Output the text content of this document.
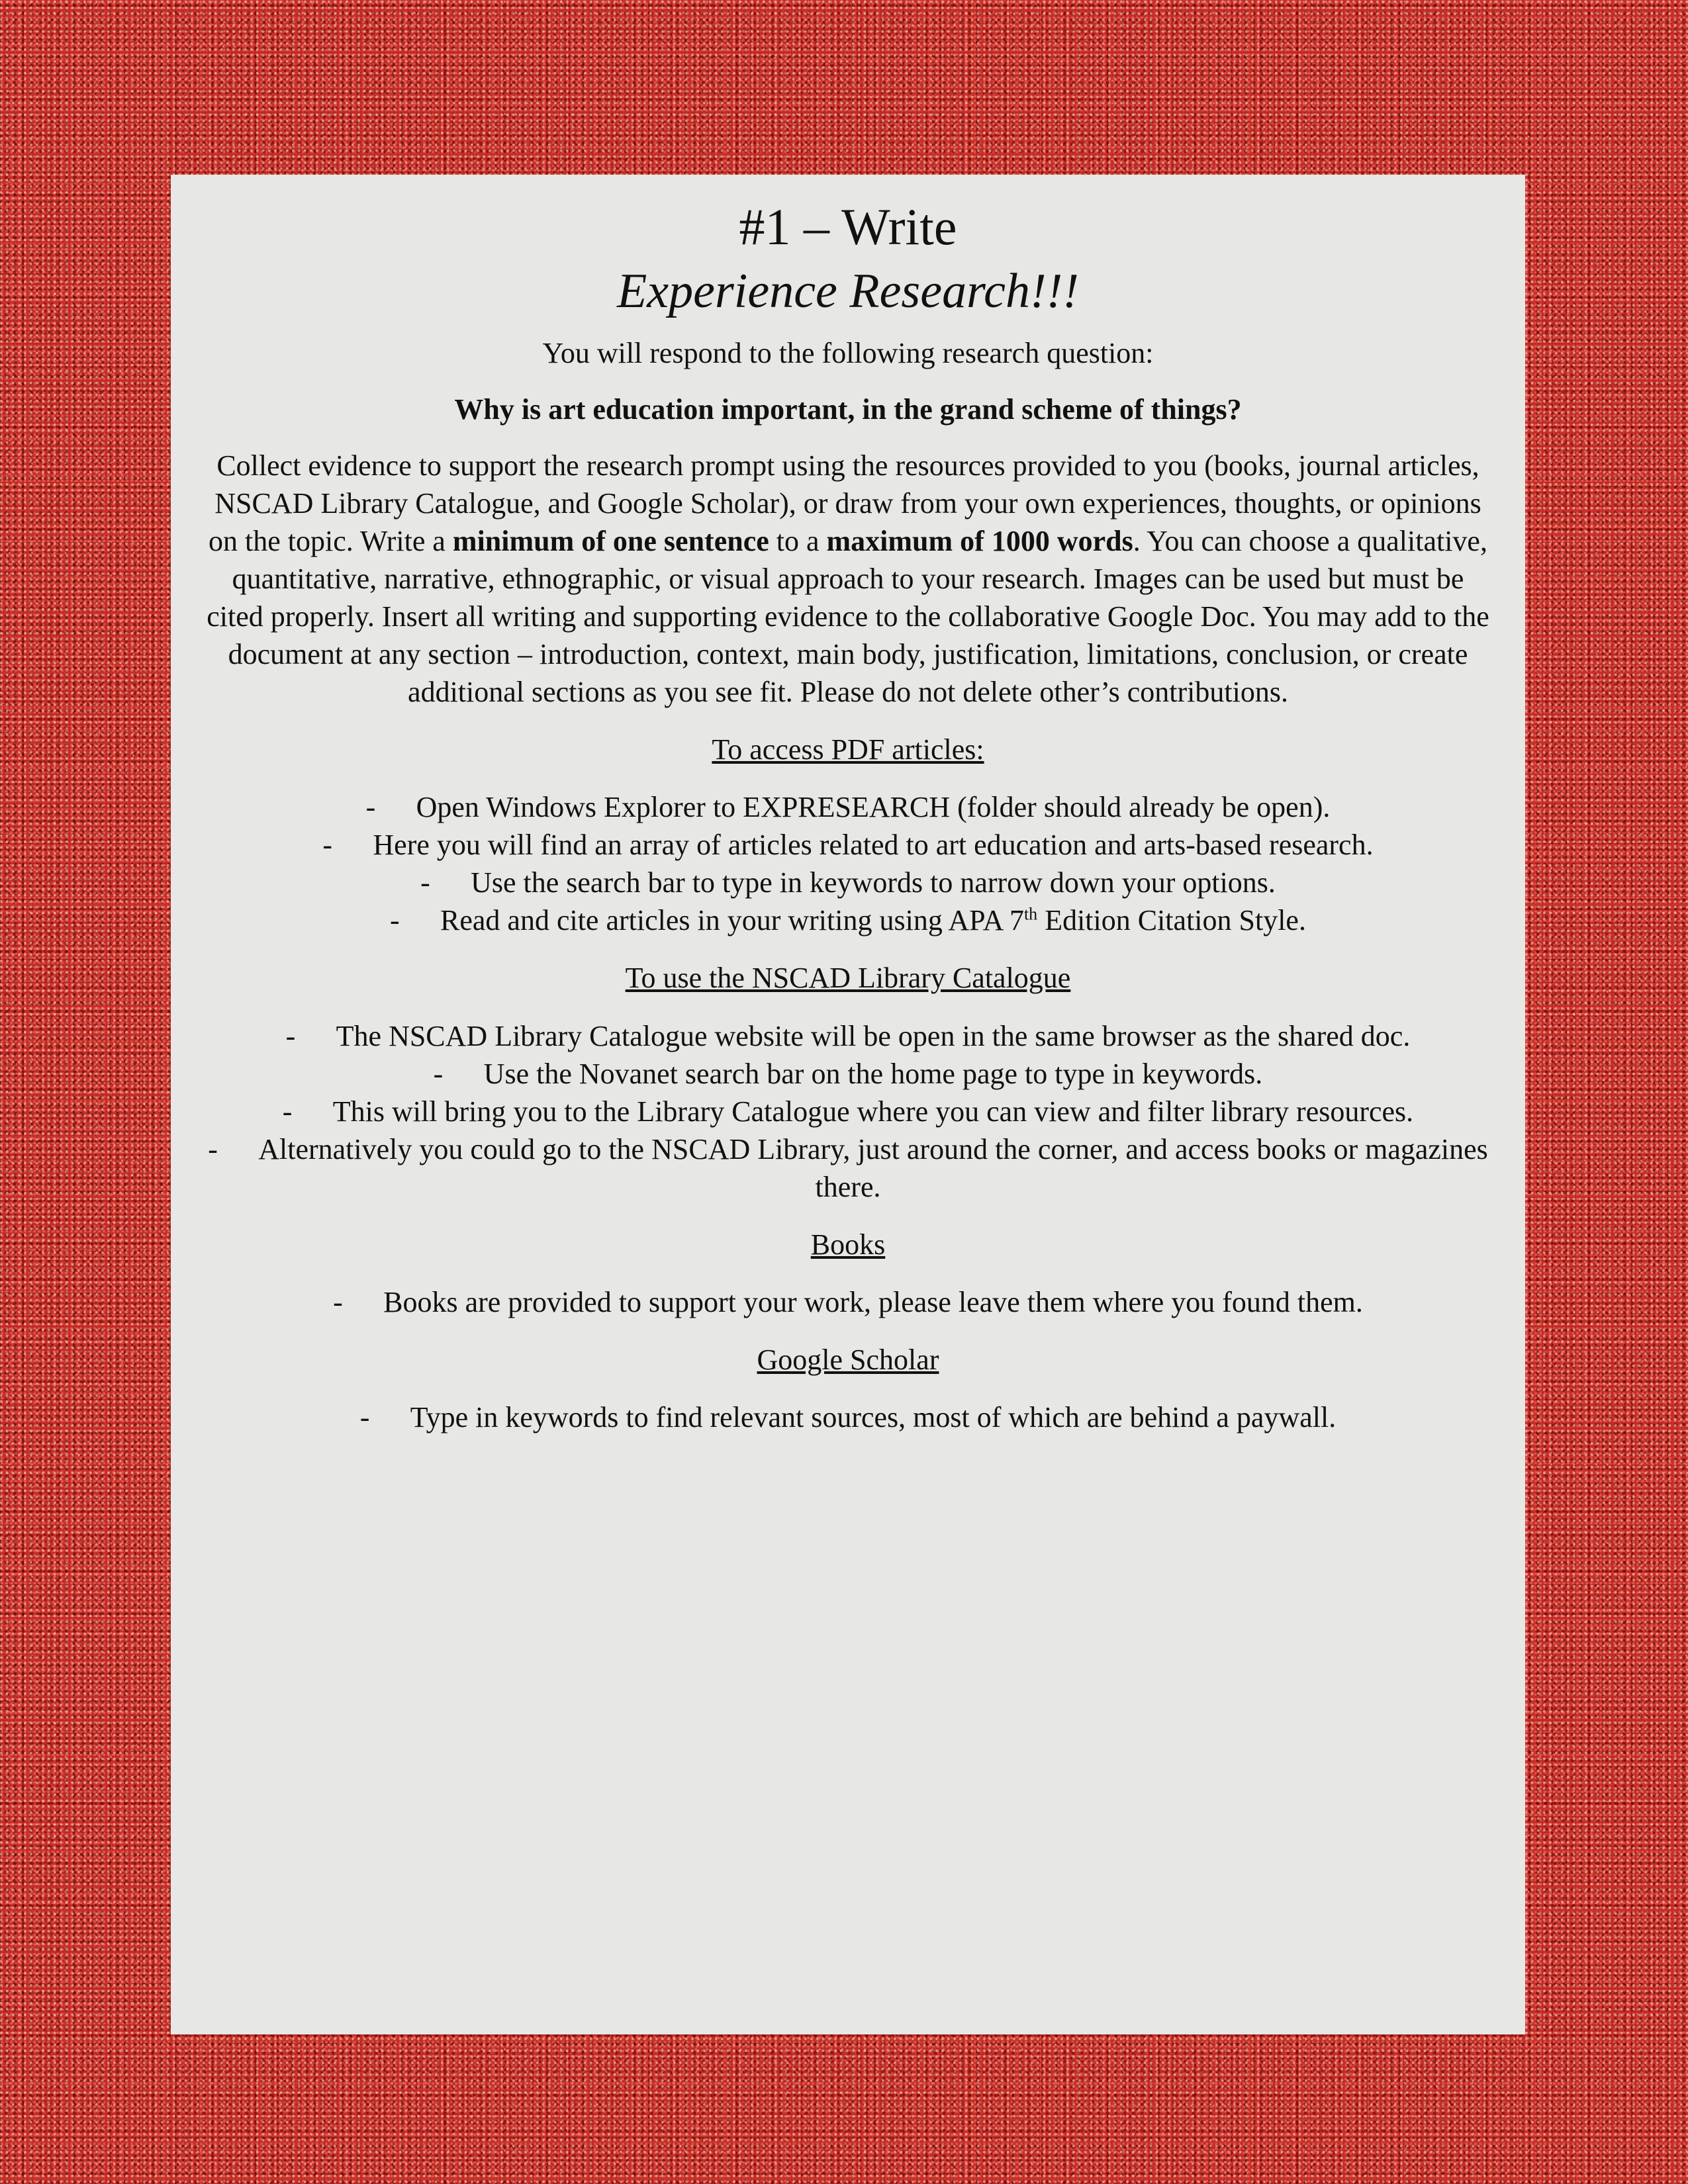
#1 – Write
Experience Research!!!

You will respond to the following research question:

Why is art education important, in the grand scheme of things?

Collect evidence to support the research prompt using the resources provided to you (books, journal articles, NSCAD Library Catalogue, and Google Scholar), or draw from your own experiences, thoughts, or opinions on the topic. Write a minimum of one sentence to a maximum of 1000 words. You can choose a qualitative, quantitative, narrative, ethnographic, or visual approach to your research. Images can be used but must be cited properly. Insert all writing and supporting evidence to the collaborative Google Doc. You may add to the document at any section – introduction, context, main body, justification, limitations, conclusion, or create additional sections as you see fit. Please do not delete other’s contributions.

To access PDF articles:

- Open Windows Explorer to EXPRESEARCH (folder should already be open).
- Here you will find an array of articles related to art education and arts-based research.
- Use the search bar to type in keywords to narrow down your options.
- Read and cite articles in your writing using APA 7th Edition Citation Style.

To use the NSCAD Library Catalogue

- The NSCAD Library Catalogue website will be open in the same browser as the shared doc.
- Use the Novanet search bar on the home page to type in keywords.
- This will bring you to the Library Catalogue where you can view and filter library resources.
- Alternatively you could go to the NSCAD Library, just around the corner, and access books or magazines there.

Books

- Books are provided to support your work, please leave them where you found them.

Google Scholar

- Type in keywords to find relevant sources, most of which are behind a paywall.
